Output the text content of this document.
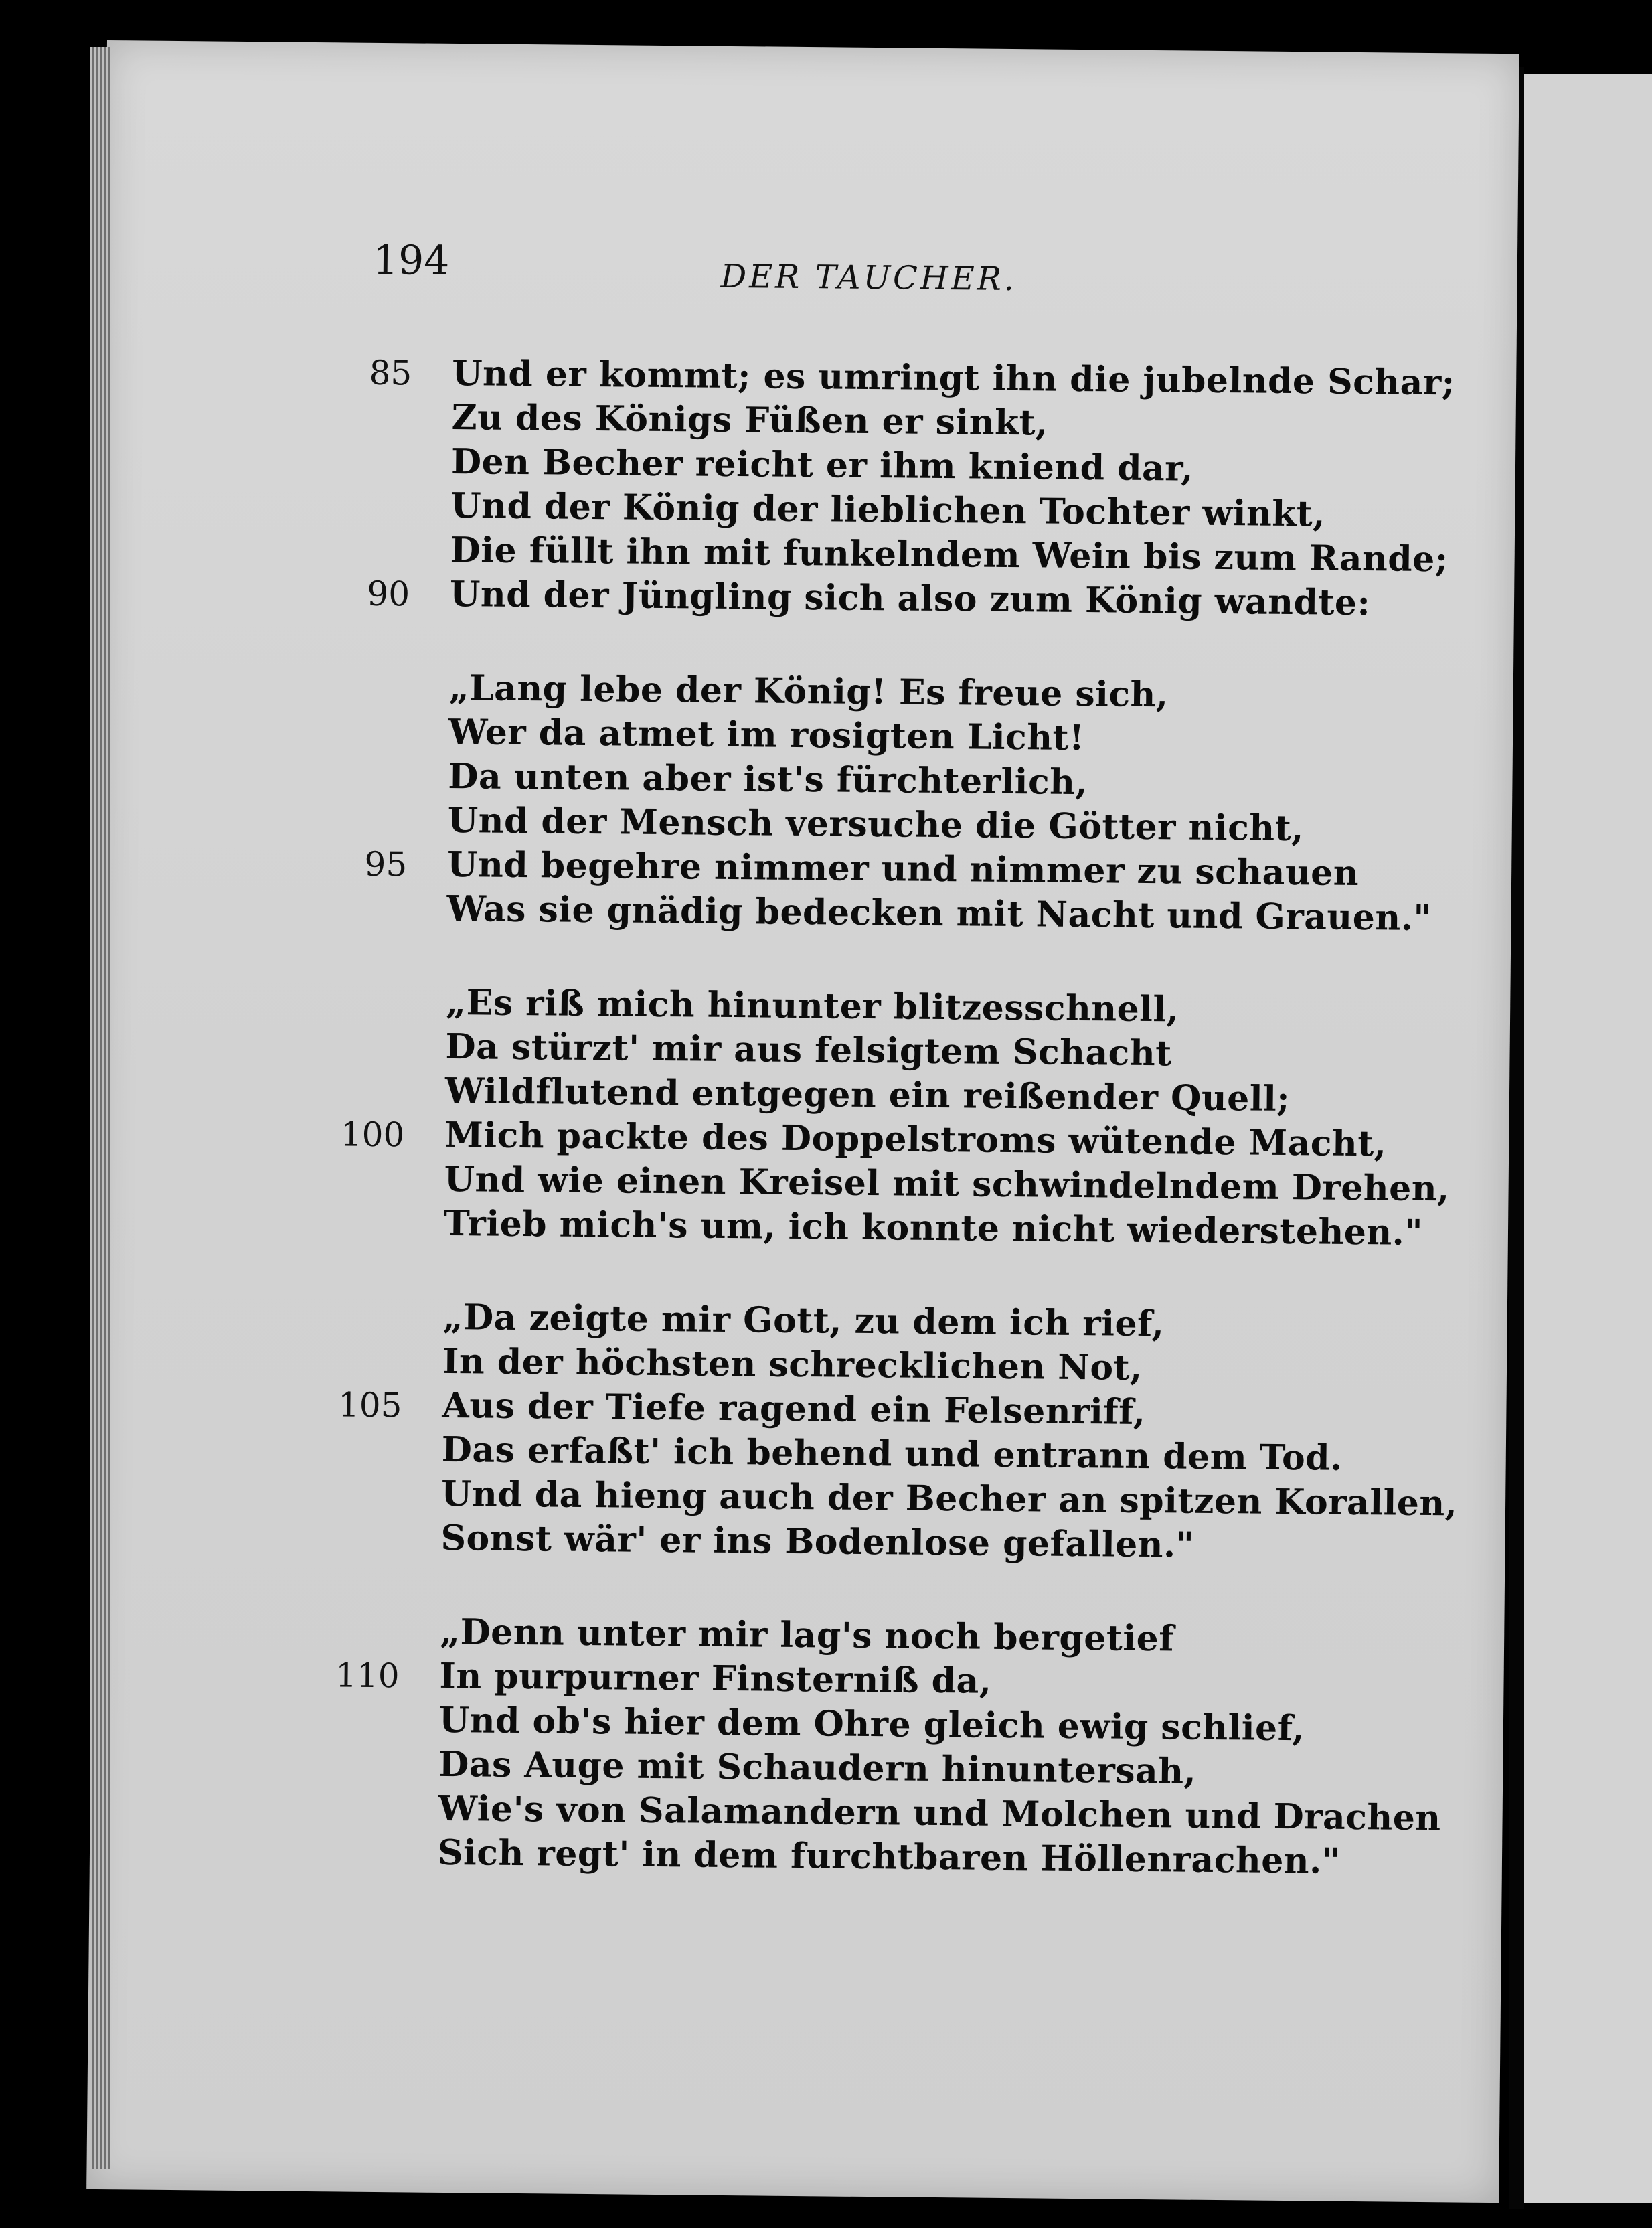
194	DER TAUCHER.
85 Und er kommt; es umringt ihn die jubelnde Schar;
Zu des Königs Füßen er sinkt,
Den Becher reicht er ihm kniend dar,
Und der König der lieblichen Tochter winkt,
Die füllt ihn mit funkelndem Wein bis zum Rande;
90 Und der Jüngling sich also zum König wandte:
„Lang lebe der König! Es freue sich,
Wer da atmet im rosigten Licht!
Da unten aber ist's fürchterlich,
Und der Mensch versuche die Götter nicht,
95 Und begehre nimmer und nimmer zu schauen
Was sie gnädig bedecken mit Nacht und Grauen."
„Es riß mich hinunter blitzesschnell,
Da stürzt' mir aus felsigtem Schacht
Wildflutend entgegen ein reißender Quell;
100 Mich packte des Doppelstroms wütende Macht,
Und wie einen Kreisel mit schwindelndem Drehen,
Trieb mich's um, ich konnte nicht wiederstehen."
„Da zeigte mir Gott, zu dem ich rief,
In der höchsten schrecklichen Not,
105 Aus der Tiefe ragend ein Felsenriff,
Das erfaßt' ich behend und entrann dem Tod.
Und da hieng auch der Becher an spitzen Korallen,
Sonst wär' er ins Bodenlose gefallen."
„Denn unter mir lag's noch bergetief
110 In purpurner Finsterniß da,
Und ob's hier dem Ohre gleich ewig schlief,
Das Auge mit Schaudern hinuntersah,
Wie's von Salamandern und Molchen und Drachen
Sich regt' in dem furchtbaren Höllenrachen."
